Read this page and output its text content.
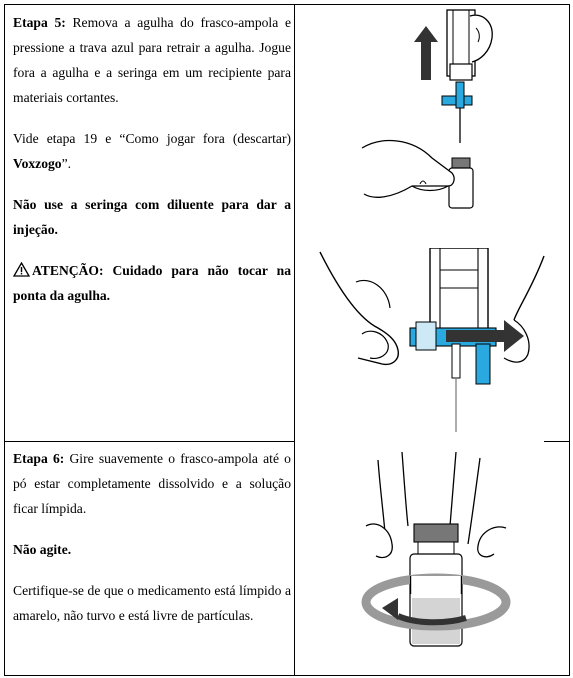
Etapa 5: Remova a agulha do frasco-ampola e pressione a trava azul para retrair a agulha. Jogue fora a agulha e a seringa em um recipiente para materiais cortantes.

Vide etapa 19 e “Como jogar fora (descartar) Voxzogo”.

Não use a seringa com diluente para dar a injeção.

ATENÇÃO: Cuidado para não tocar na ponta da agulha.

Etapa 6: Gire suavemente o frasco-ampola até o pó estar completamente dissolvido e a solução ficar límpida.

Não agite.

Certifique-se de que o medicamento está límpido a amarelo, não turvo e está livre de partículas.
